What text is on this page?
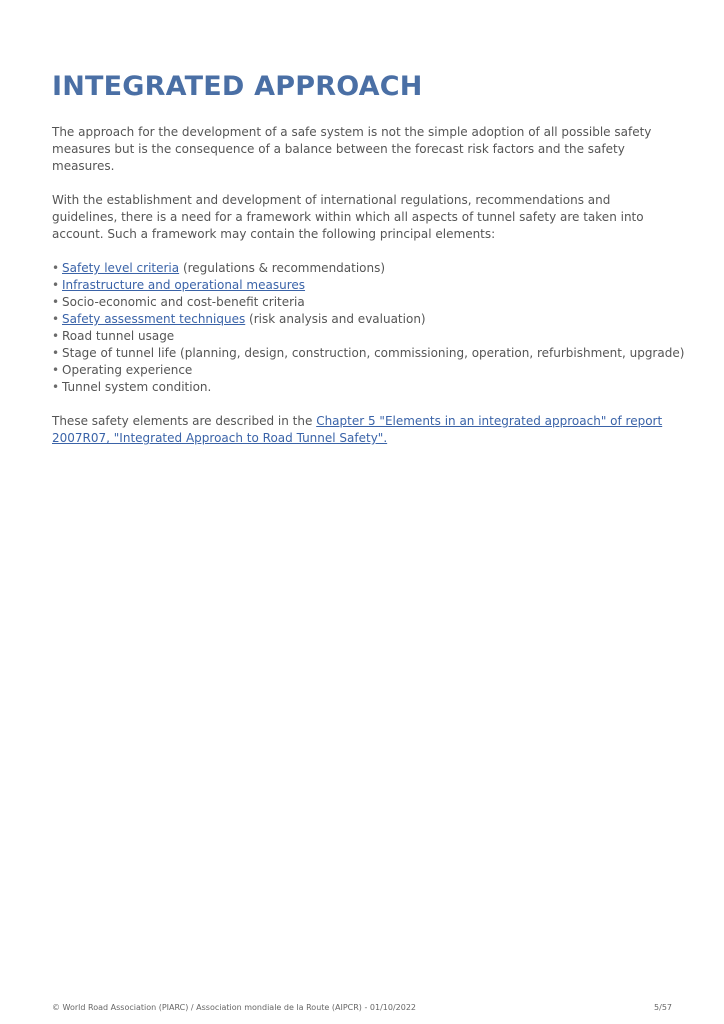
INTEGRATED APPROACH

The approach for the development of a safe system is not the simple adoption of all possible safety measures but is the consequence of a balance between the forecast risk factors and the safety measures.

With the establishment and development of international regulations, recommendations and guidelines, there is a need for a framework within which all aspects of tunnel safety are taken into account. Such a framework may contain the following principal elements:

• Safety level criteria (regulations & recommendations)
• Infrastructure and operational measures
• Socio-economic and cost-benefit criteria
• Safety assessment techniques (risk analysis and evaluation)
• Road tunnel usage
• Stage of tunnel life (planning, design, construction, commissioning, operation, refurbishment, upgrade)
• Operating experience
• Tunnel system condition.

These safety elements are described in the Chapter 5 "Elements in an integrated approach" of report 2007R07, "Integrated Approach to Road Tunnel Safety".

© World Road Association (PIARC) / Association mondiale de la Route (AIPCR) - 01/10/2022	5/57
